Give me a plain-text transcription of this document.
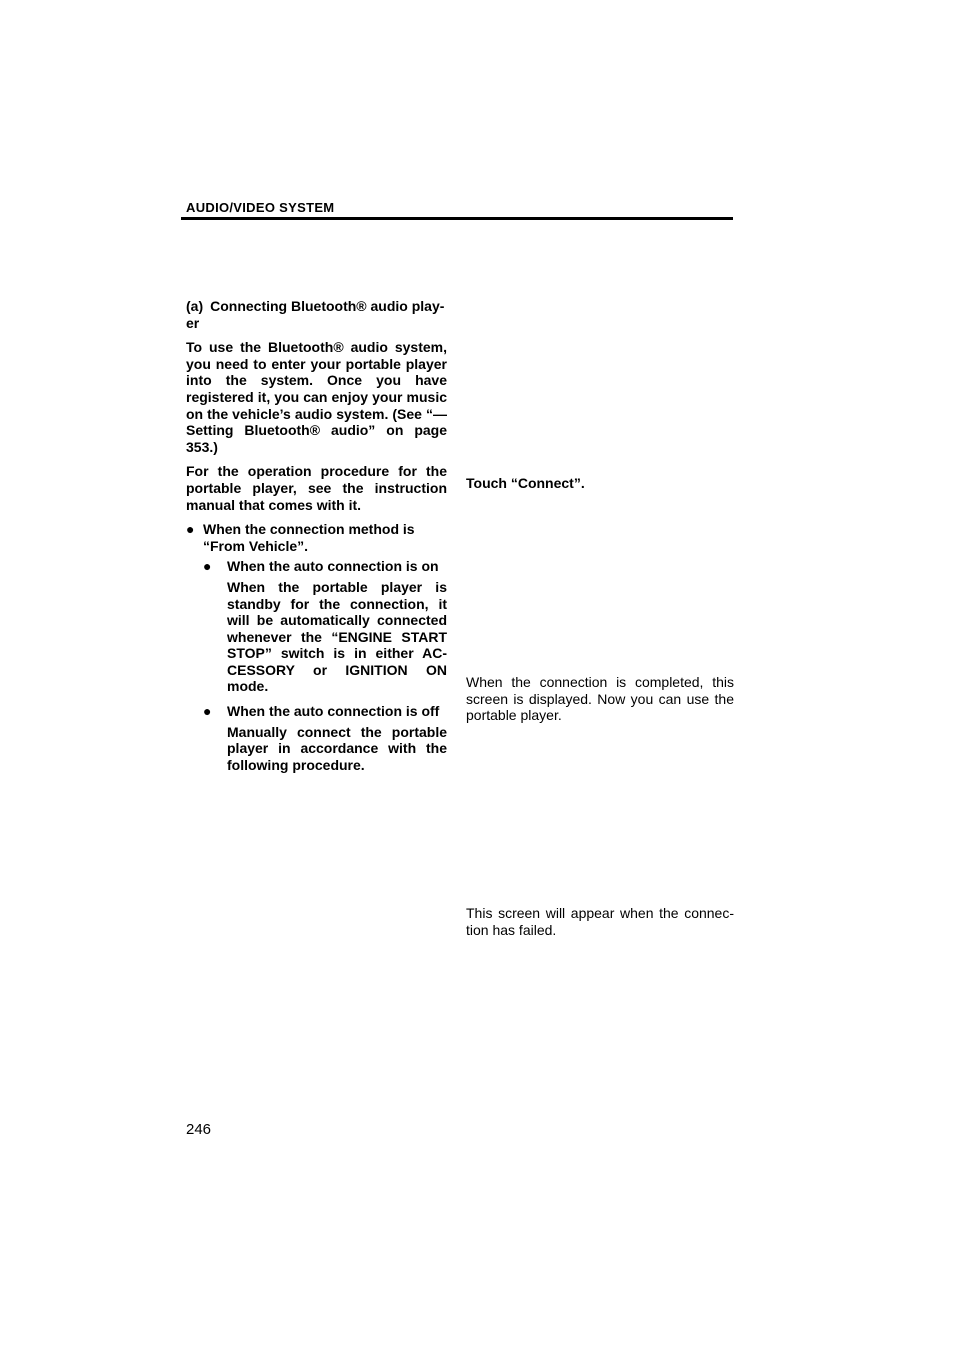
AUDIO/VIDEO SYSTEM

(a) Connecting Bluetooth® audio play-
er

To use the Bluetooth® audio system, you need to enter your portable player into the system. Once you have registered it, you can enjoy your music on the vehicle’s audio system. (See “— Setting Bluetooth® audio” on page 353.)

For the operation procedure for the portable player, see the instruction manual that comes with it.

● When the connection method is “From Vehicle”.
● When the auto connection is on

When the portable player is standby for the connection, it will be automatically connected whenever the “ENGINE START STOP” switch is in either AC-CESSORY or IGNITION ON mode.

● When the auto connection is off

Manually connect the portable player in accordance with the following procedure.

Touch “Connect”.
When the connection is completed, this screen is displayed. Now you can use the portable player.
This screen will appear when the connec-tion has failed.
246
